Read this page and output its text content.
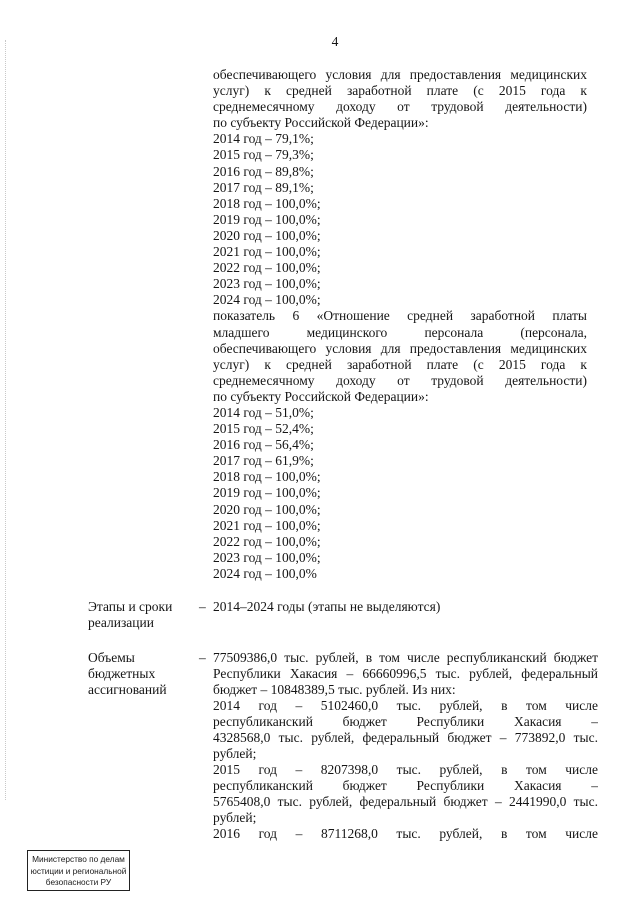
4
обеспечивающего условия для предоставления медицинских
услуг) к средней заработной плате (с 2015 года к
среднемесячному доходу от трудовой деятельности)
по субъекту Российской Федерации»:
2014 год – 79,1%;
2015 год – 79,3%;
2016 год – 89,8%;
2017 год – 89,1%;
2018 год – 100,0%;
2019 год – 100,0%;
2020 год – 100,0%;
2021 год – 100,0%;
2022 год – 100,0%;
2023 год – 100,0%;
2024 год – 100,0%;
показатель 6 «Отношение средней заработной платы
младшего медицинского персонала (персонала,
обеспечивающего условия для предоставления медицинских
услуг) к средней заработной плате (с 2015 года к
среднемесячному доходу от трудовой деятельности)
по субъекту Российской Федерации»:
2014 год – 51,0%;
2015 год – 52,4%;
2016 год – 56,4%;
2017 год – 61,9%;
2018 год – 100,0%;
2019 год – 100,0%;
2020 год – 100,0%;
2021 год – 100,0%;
2022 год – 100,0%;
2023 год – 100,0%;
2024 год – 100,0%
Этапы и сроки
реализации
– 2014–2024 годы (этапы не выделяются)
Объемы
бюджетных
ассигнований
– 77509386,0 тыс. рублей, в том числе республиканский бюджет
Республики Хакасия – 66660996,5 тыс. рублей, федеральный
бюджет – 10848389,5 тыс. рублей. Из них:
2014 год – 5102460,0 тыс. рублей, в том числе
республиканский бюджет Республики Хакасия –
4328568,0 тыс. рублей, федеральный бюджет – 773892,0 тыс.
рублей;
2015 год – 8207398,0 тыс. рублей, в том числе
республиканский бюджет Республики Хакасия –
5765408,0 тыс. рублей, федеральный бюджет – 2441990,0 тыс.
рублей;
2016 год – 8711268,0 тыс. рублей, в том числе
Министерство по делам
юстиции и региональной
безопасности РУ
